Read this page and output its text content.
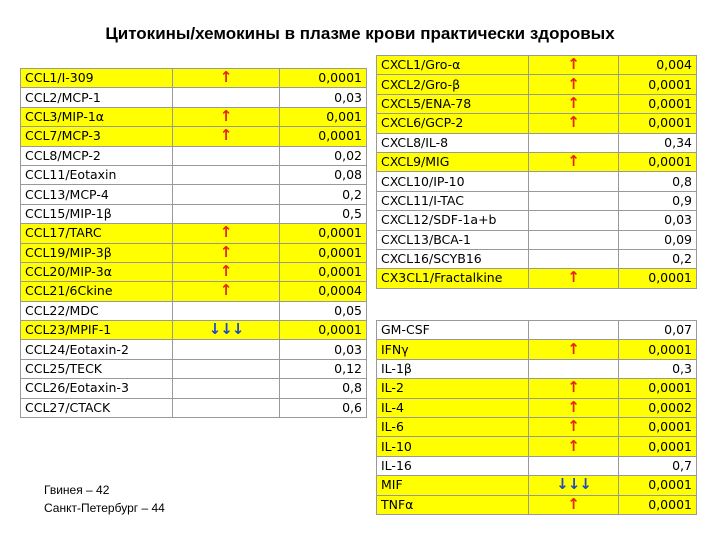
Цитокины/хемокины в плазме крови практически здоровых
CCL1/I-309	↑	0,0001
CCL2/MCP-1		0,03
CCL3/MIP-1α	↑	0,001
CCL7/MCP-3	↑	0,0001
CCL8/MCP-2		0,02
CCL11/Eotaxin		0,08
CCL13/MCP-4		0,2
CCL15/MIP-1β		0,5
CCL17/TARC	↑	0,0001
CCL19/MIP-3β	↑	0,0001
CCL20/MIP-3α	↑	0,0001
CCL21/6Ckine	↑	0,0004
CCL22/MDC		0,05
CCL23/MPIF-1	↓↓↓	0,0001
CCL24/Eotaxin-2		0,03
CCL25/TECK		0,12
CCL26/Eotaxin-3		0,8
CCL27/CTACK		0,6
CXCL1/Gro-α	↑	0,004
CXCL2/Gro-β	↑	0,0001
CXCL5/ENA-78	↑	0,0001
CXCL6/GCP-2	↑	0,0001
CXCL8/IL-8		0,34
CXCL9/MIG	↑	0,0001
CXCL10/IP-10		0,8
CXCL11/I-TAC		0,9
CXCL12/SDF-1a+b		0,03
CXCL13/BCA-1		0,09
CXCL16/SCYB16		0,2
CX3CL1/Fractalkine	↑	0,0001
GM-CSF		0,07
IFNγ	↑	0,0001
IL-1β		0,3
IL-2	↑	0,0001
IL-4	↑	0,0002
IL-6	↑	0,0001
IL-10	↑	0,0001
IL-16		0,7
MIF	↓↓↓	0,0001
TNFα	↑	0,0001
Гвинея – 42
Санкт-Петербург – 44
